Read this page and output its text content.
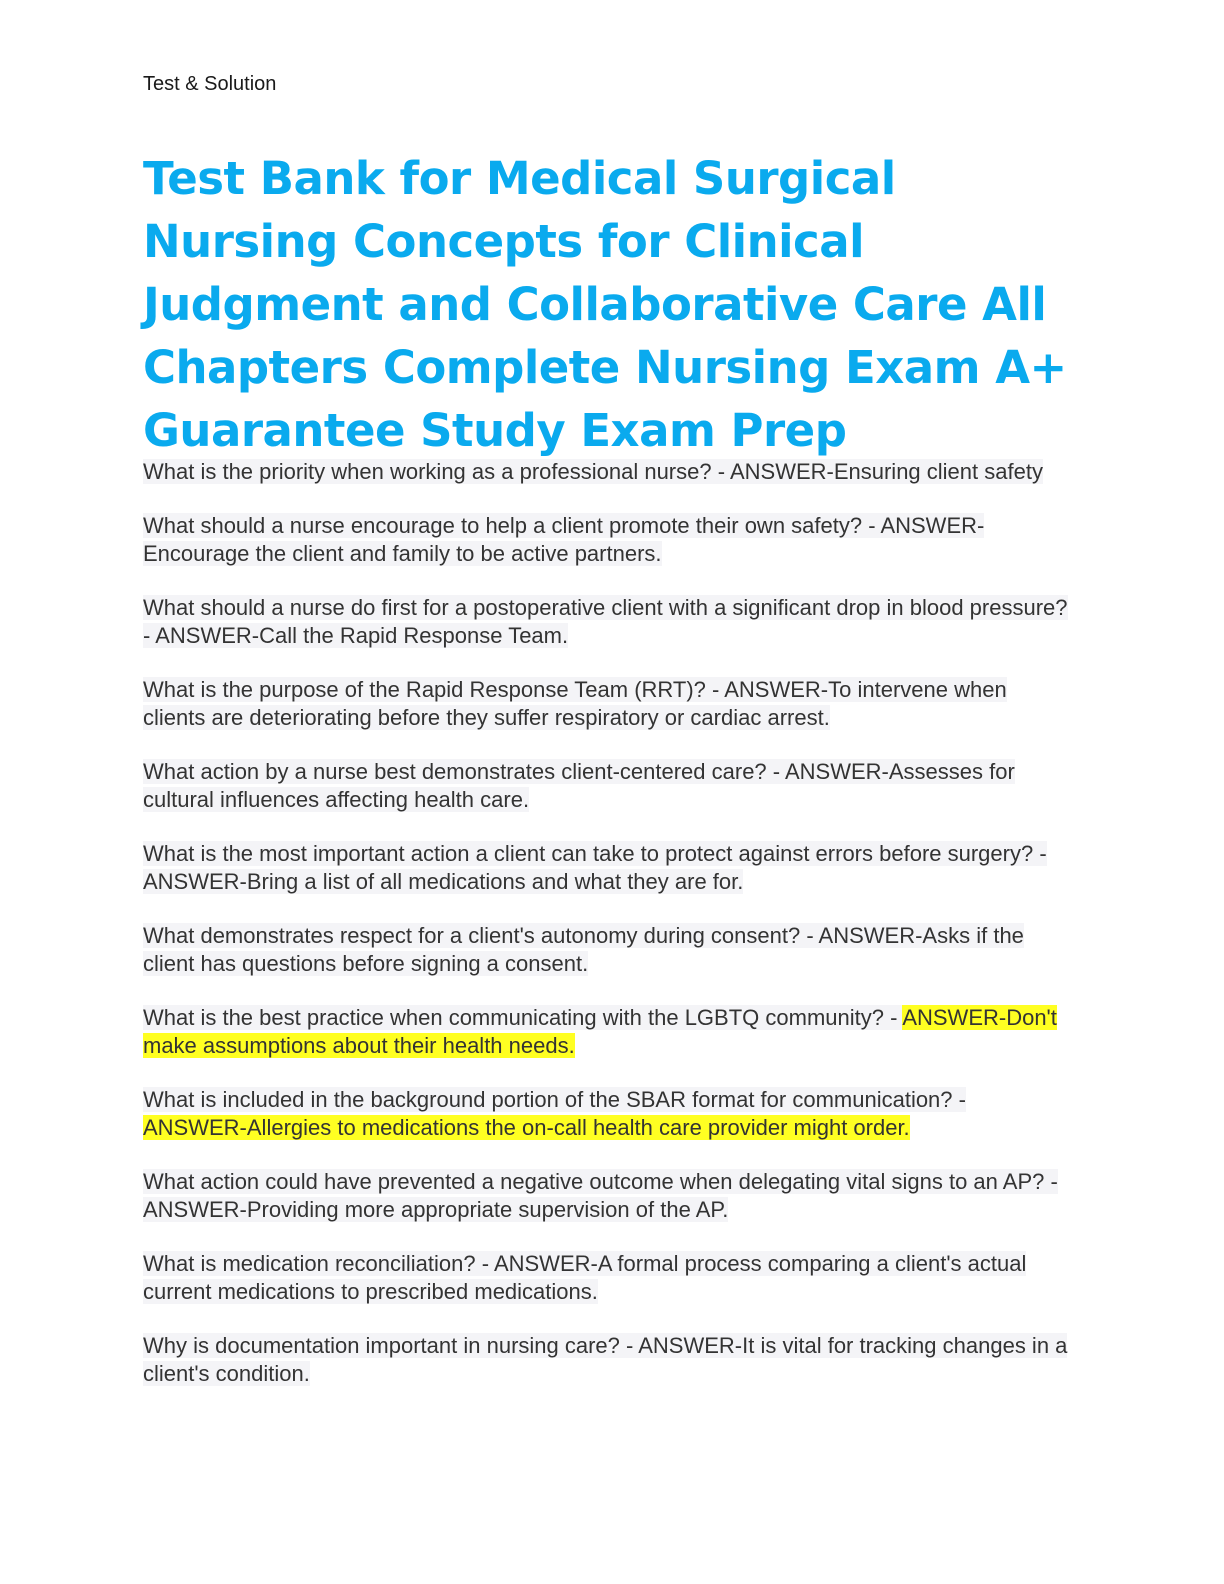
Test & Solution
Test Bank for Medical Surgical Nursing Concepts for Clinical Judgment and Collaborative Care All Chapters Complete Nursing Exam A+ Guarantee Study Exam Prep
What is the priority when working as a professional nurse? - ANSWER-Ensuring client safety
What should a nurse encourage to help a client promote their own safety? - ANSWER-Encourage the client and family to be active partners.
What should a nurse do first for a postoperative client with a significant drop in blood pressure? - ANSWER-Call the Rapid Response Team.
What is the purpose of the Rapid Response Team (RRT)? - ANSWER-To intervene when clients are deteriorating before they suffer respiratory or cardiac arrest.
What action by a nurse best demonstrates client-centered care? - ANSWER-Assesses for cultural influences affecting health care.
What is the most important action a client can take to protect against errors before surgery? - ANSWER-Bring a list of all medications and what they are for.
What demonstrates respect for a client's autonomy during consent? - ANSWER-Asks if the client has questions before signing a consent.
What is the best practice when communicating with the LGBTQ community? - ANSWER-Don't make assumptions about their health needs.
What is included in the background portion of the SBAR format for communication? - ANSWER-Allergies to medications the on-call health care provider might order.
What action could have prevented a negative outcome when delegating vital signs to an AP? - ANSWER-Providing more appropriate supervision of the AP.
What is medication reconciliation? - ANSWER-A formal process comparing a client's actual current medications to prescribed medications.
Why is documentation important in nursing care? - ANSWER-It is vital for tracking changes in a client's condition.
